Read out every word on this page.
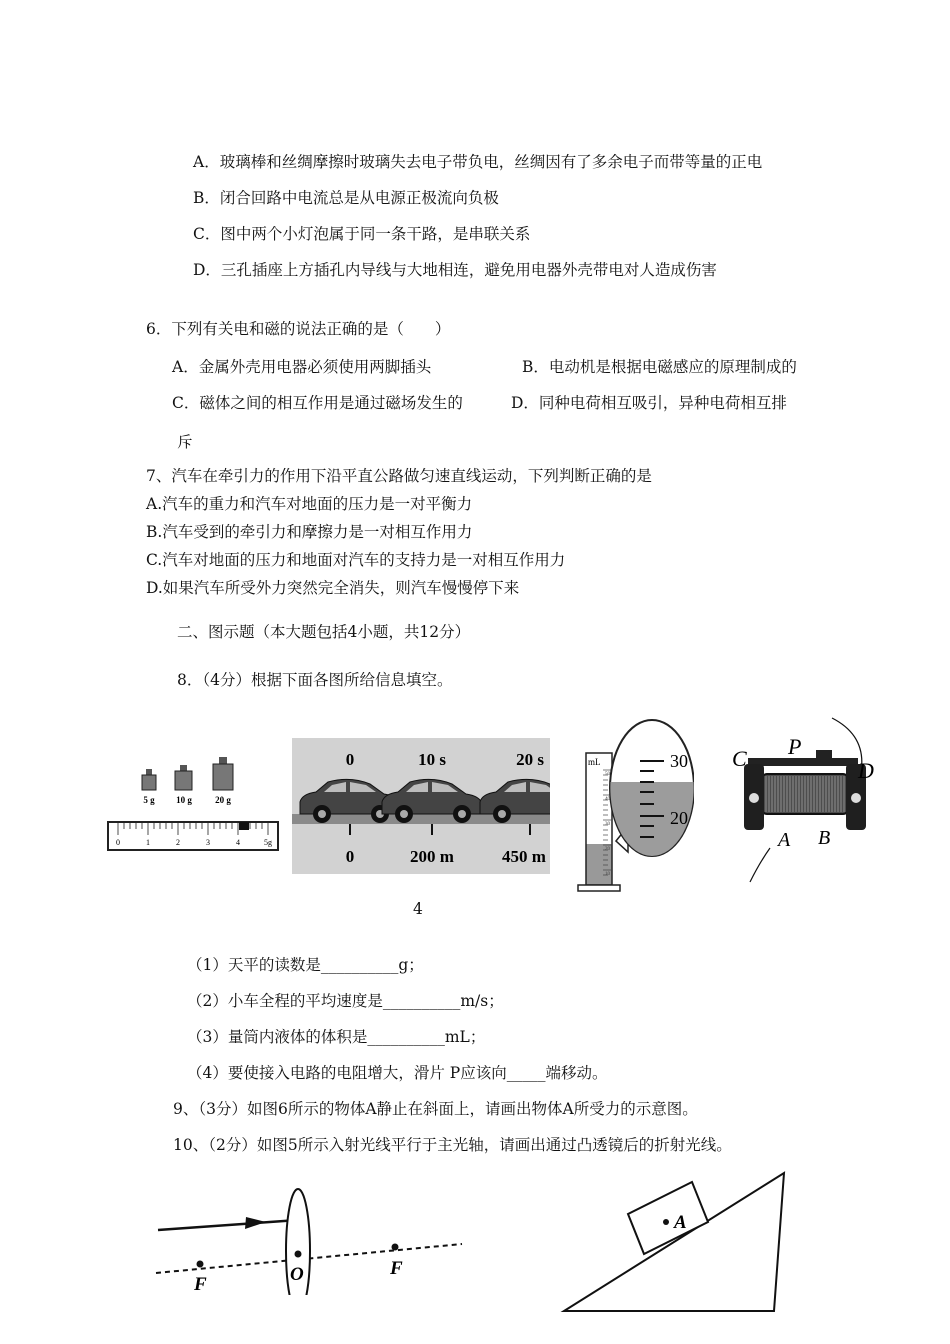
A．玻璃棒和丝绸摩擦时玻璃失去电子带负电，丝绸因有了多余电子而带等量的正电
B．闭合回路中电流总是从电源正极流向负极
C．图中两个小灯泡属于同一条干路，是串联关系
D．三孔插座上方插孔内导线与大地相连，避免用电器外壳带电对人造成伤害
6．下列有关电和磁的说法正确的是（　　）
A．金属外壳用电器必须使用两脚插头	B．电动机是根据电磁感应的原理制成的
C．磁体之间的相互作用是通过磁场发生的	D．同种电荷相互吸引，异种电荷相互排
斥
7、汽车在牵引力的作用下沿平直公路做匀速直线运动，下列判断正确的是
A.汽车的重力和汽车对地面的压力是一对平衡力
B.汽车受到的牵引力和摩擦力是一对相互作用力
C.汽车对地面的压力和地面对汽车的支持力是一对相互作用力
D.如果汽车所受外力突然完全消失，则汽车慢慢停下来
二、图示题（本大题包括4小题，共12分）
8．（4分）根据下面各图所给信息填空。
5 g 10 g	20 g
0	1	2	3	4	5g
0	10 s	20 s
0	200 m	450 m
mL
50
40
30
20
10
30
20
C P
D
A B
4
（1）天平的读数是__________g；
（2）小车全程的平均速度是__________m/s；
（3）量筒内液体的体积是__________mL；
（4）要使接入电路的电阻增大，滑片 P应该向_____端移动。
9、（3分）如图6所示的物体A静止在斜面上，请画出物体A所受力的示意图。
10、（2分）如图5所示入射光线平行于主光轴，请画出通过凸透镜后的折射光线。
F	O	F
A
